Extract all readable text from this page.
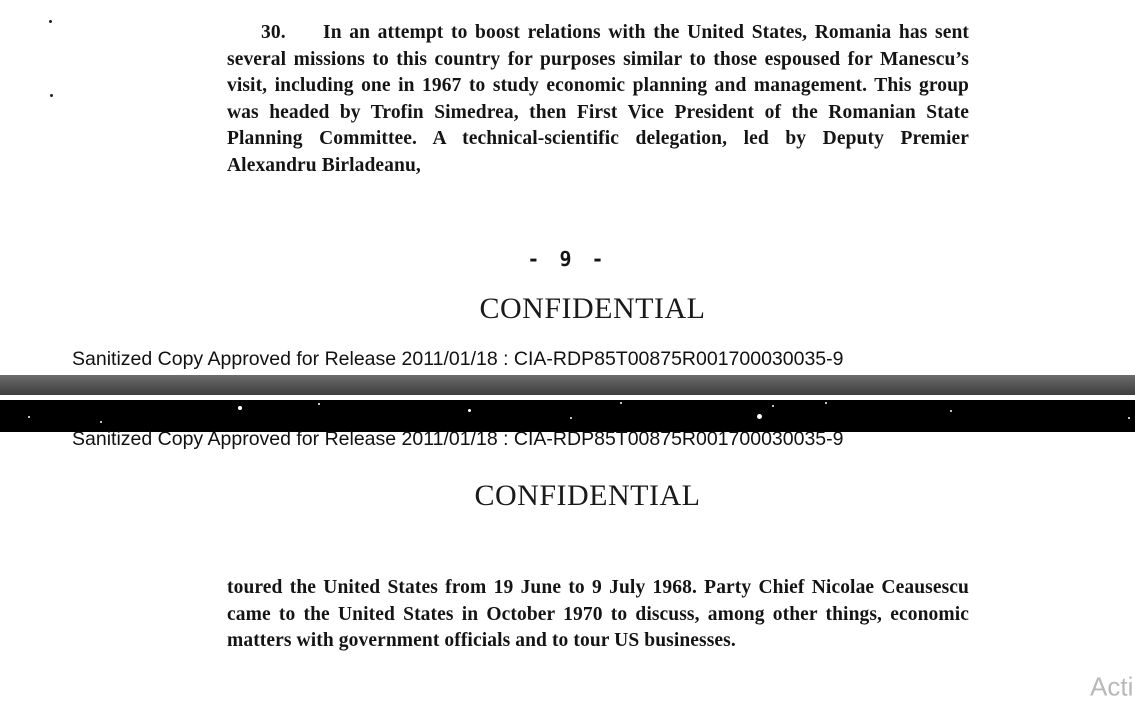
30. In an attempt to boost relations with the United States, Romania has sent several missions to this country for purposes similar to those espoused for Manescu’s visit, including one in 1967 to study economic planning and management. This group was headed by Trofin Simedrea, then First Vice President of the Romanian State Planning Committee. A technical-scientific delegation, led by Deputy Premier Alexandru Birladeanu,
- 9 -
CONFIDENTIAL
Sanitized Copy Approved for Release 2011/01/18 : CIA-RDP85T00875R001700030035-9
Sanitized Copy Approved for Release 2011/01/18 : CIA-RDP85T00875R001700030035-9
CONFIDENTIAL
toured the United States from 19 June to 9 July 1968. Party Chief Nicolae Ceausescu came to the United States in October 1970 to discuss, among other things, economic matters with government officials and to tour US businesses.
Acti
